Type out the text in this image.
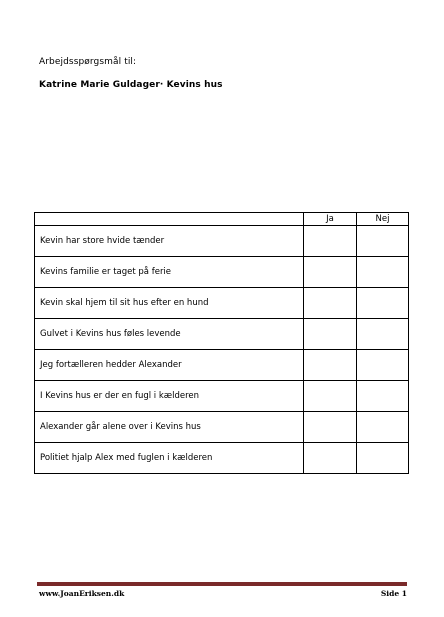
Arbejdsspørgsmål til:
Katrine Marie Guldager· Kevins hus
	Ja	Nej
Kevin har store hvide tænder		
Kevins familie er taget på ferie		
Kevin skal hjem til sit hus efter en hund		
Gulvet i Kevins hus føles levende		
Jeg fortælleren hedder Alexander		
I Kevins hus er der en fugl i kælderen		
Alexander går alene over i Kevins hus		
Politiet hjalp Alex med fuglen i kælderen		
www.JoanEriksen.dk	Side 1
